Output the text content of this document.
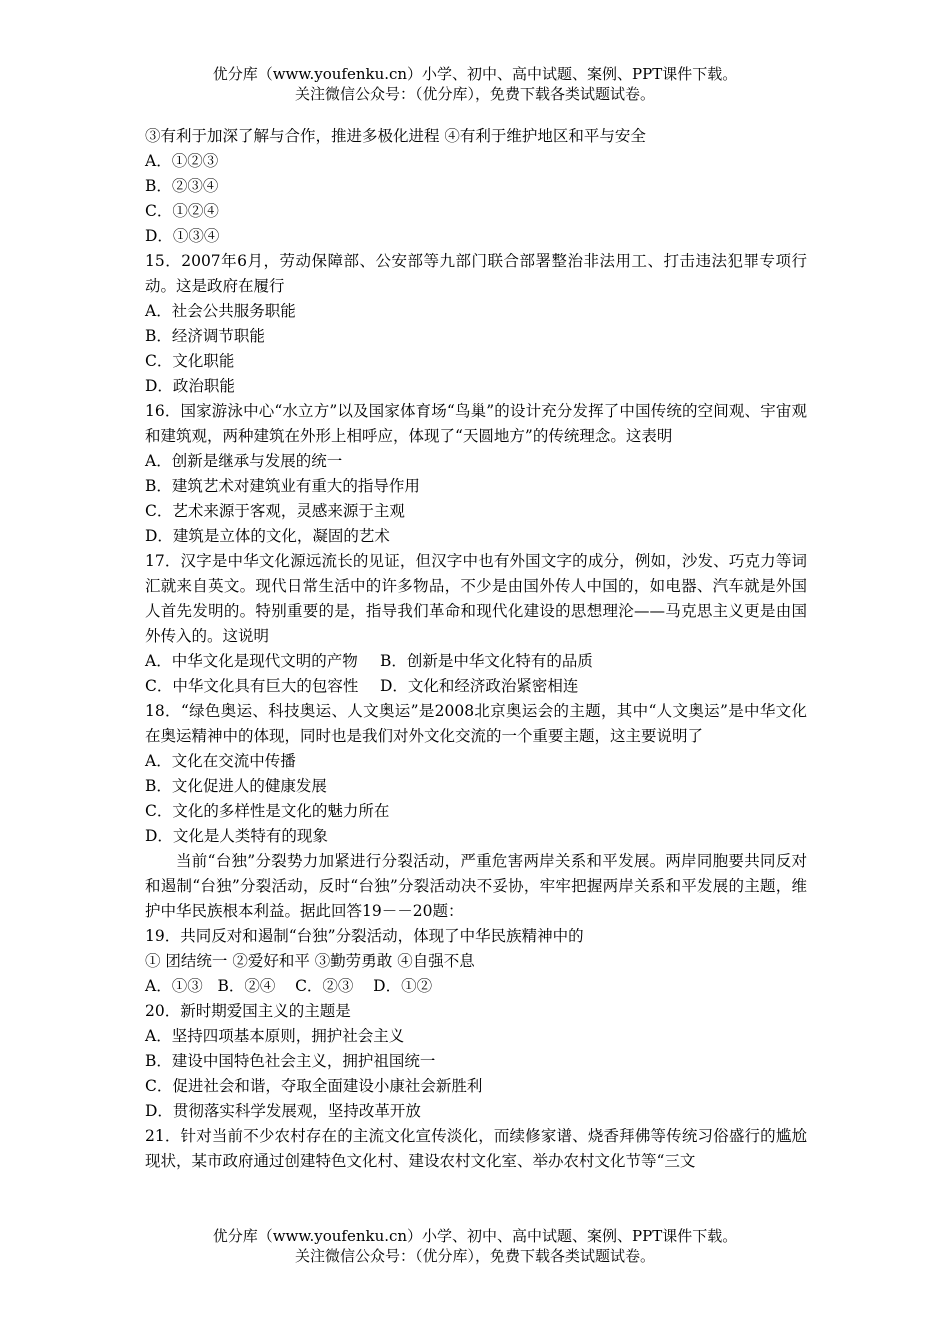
优分库（www.youfenku.cn）小学、初中、高中试题、案例、PPT课件下载。
关注微信公众号：（优分库），免费下载各类试题试卷。
③有利于加深了解与合作，推进多极化进程 ④有利于维护地区和平与安全
A．①②③
B．②③④
C．①②④
D．①③④
15．2007年6月，劳动保障部、公安部等九部门联合部署整治非法用工、打击违法犯罪专项行动。这是政府在履行
A．社会公共服务职能
B．经济调节职能
C．文化职能
D．政治职能
16．国家游泳中心“水立方”以及国家体育场“鸟巢”的设计充分发挥了中国传统的空间观、宇宙观和建筑观，两种建筑在外形上相呼应，体现了“天圆地方”的传统理念。这表明
A．创新是继承与发展的统一
B．建筑艺术对建筑业有重大的指导作用
C．艺术来源于客观，灵感来源于主观
D．建筑是立体的文化，凝固的艺术
17．汉字是中华文化源远流长的见证，但汉字中也有外国文字的成分，例如，沙发、巧克力等词汇就来自英文。现代日常生活中的许多物品，不少是由国外传人中国的，如电器、汽车就是外国人首先发明的。特别重要的是，指导我们革命和现代化建设的思想理沦——马克思主义更是由国外传入的。这说明
A．中华文化是现代文明的产物	B．创新是中华文化特有的品质
C．中华文化具有巨大的包容性	D．文化和经济政治紧密相连
18．“绿色奥运、科技奥运、人文奥运”是2008北京奥运会的主题，其中“人文奥运”是中华文化在奥运精神中的体现，同时也是我们对外文化交流的一个重要主题，这主要说明了
A．文化在交流中传播
B．文化促进人的健康发展
C．文化的多样性是文化的魅力所在
D．文化是人类特有的现象
当前“台独”分裂势力加紧进行分裂活动，严重危害两岸关系和平发展。两岸同胞要共同反对和遏制“台独”分裂活动，反时“台独”分裂活动决不妥协，牢牢把握两岸关系和平发展的主题，维护中华民族根本利益。据此回答19－－20题：
19．共同反对和遏制“台独”分裂活动，体现了中华民族精神中的
① 团结统一 ②爱好和平 ③勤劳勇敢 ④自强不息
A．①③   B．②④    C．②③    D．①②
20．新时期爱国主义的主题是
A．坚持四项基本原则，拥护社会主义
B．建设中国特色社会主义，拥护祖国统一
C．促进社会和谐，夺取全面建设小康社会新胜利
D．贯彻落实科学发展观，坚持改革开放
21．针对当前不少农村存在的主流文化宣传淡化，而续修家谱、烧香拜佛等传统习俗盛行的尴尬现状，某市政府通过创建特色文化村、建设农村文化室、举办农村文化节等“三文
优分库（www.youfenku.cn）小学、初中、高中试题、案例、PPT课件下载。
关注微信公众号：（优分库），免费下载各类试题试卷。
